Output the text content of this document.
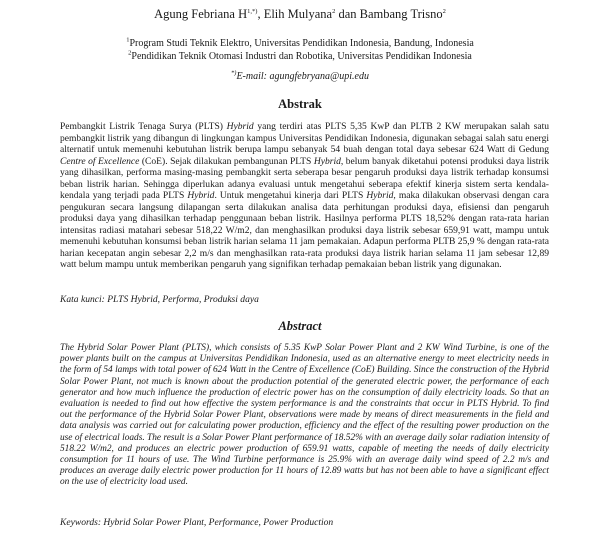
Agung Febriana $H^{1,*)}$, Elih Mulyana$^2$ dan Bambang Trisno$^2$
$^1$Program Studi Teknik Elektro, Universitas Pendidikan Indonesia, Bandung, Indonesia
$^2$Pendidikan Teknik Otomasi Industri dan Robotika, Universitas Pendidikan Indonesia
*)E-mail: agungfebryana@upi.edu
Abstrak

Pembangkit Listrik Tenaga Surya (PLTS) Hybrid yang terdiri atas PLTS 5,35 KwP dan PLTB 2 KW merupakan salah satu pembangkit listrik yang dibangun di lingkungan kampus Universitas Pendidikan Indonesia, digunakan sebagai salah satu energi alternatif untuk memenuhi kebutuhan listrik berupa lampu sebanyak 54 buah dengan total daya sebesar 624 Watt di Gedung Centre of Excellence (CoE). Sejak dilakukan pembangunan PLTS Hybrid, belum banyak diketahui potensi produksi daya listrik yang dihasilkan, performa masing-masing pembangkit serta seberapa besar pengaruh produksi daya listrik terhadap konsumsi beban listrik harian. Sehingga diperlukan adanya evaluasi untuk mengetahui seberapa efektif kinerja sistem serta kendala-kendala yang terjadi pada PLTS Hybrid. Untuk mengetahui kinerja dari PLTS Hybrid, maka dilakukan observasi dengan cara pengukuran secara langsung dilapangan serta dilakukan analisa data perhitungan produksi daya, efisiensi dan pengaruh produksi daya yang dihasilkan terhadap penggunaan beban listrik. Hasilnya performa PLTS 18,52% dengan rata-rata harian intensitas radiasi matahari sebesar 518,22 W/m2, dan menghasilkan produksi daya listrik sebesar 659,91 watt, mampu untuk memenuhi kebutuhan konsumsi beban listrik harian selama 11 jam pemakaian. Adapun performa PLTB 25,9 % dengan rata-rata harian kecepatan angin sebesar 2,2 m/s dan menghasilkan rata-rata produksi daya listrik harian selama 11 jam sebesar 12,89 watt belum mampu untuk memberikan pengaruh yang signifikan terhadap pemakaian beban listrik yang digunakan.

Kata kunci: PLTS Hybrid, Performa, Produksi daya
Abstract

The Hybrid Solar Power Plant (PLTS), which consists of 5.35 KwP Solar Power Plant and 2 KW Wind Turbine, is one of the power plants built on the campus at Universitas Pendidikan Indonesia, used as an alternative energy to meet electricity needs in the form of 54 lamps with total power of 624 Watt in the Centre of Excellence (CoE) Building. Since the construction of the Hybrid Solar Power Plant, not much is known about the production potential of the generated electric power, the performance of each generator and how much influence the production of electric power has on the consumption of daily electricity loads. So that an evaluation is needed to find out how effective the system performance is and the constraints that occur in PLTS Hybrid. To find out the performance of the Hybrid Solar Power Plant, observations were made by means of direct measurements in the field and data analysis was carried out for calculating power production, efficiency and the effect of the resulting power production on the use of electrical loads. The result is a Solar Power Plant performance of 18.52% with an average daily solar radiation intensity of 518.22 W/m2, and produces an electric power production of 659.91 watts, capable of meeting the needs of daily electricity consumption for 11 hours of use. The Wind Turbine performance is 25.9% with an average daily wind speed of 2.2 m/s and produces an average daily electric power production for 11 hours of 12.89 watts but has not been able to have a significant effect on the use of electricity load used.

Keywords: Hybrid Solar Power Plant, Performance, Power Production
